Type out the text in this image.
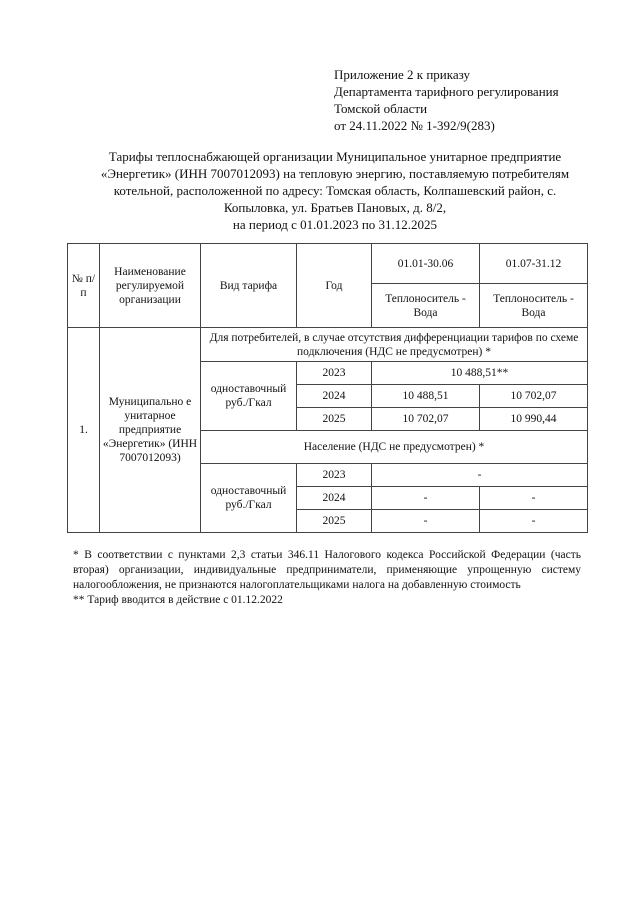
Приложение 2 к приказу
Департамента тарифного регулирования
Томской области
от 24.11.2022 № 1-392/9(283)
Тарифы теплоснабжающей организации Муниципальное унитарное предприятие
«Энергетик» (ИНН 7007012093) на тепловую энергию, поставляемую потребителям
котельной, расположенной по адресу: Томская область, Колпашевский район, с.
Копыловка, ул. Братьев Пановых, д. 8/2,
на период с 01.01.2023 по 31.12.2025
№ п/п	Наименование регулируемой организации	Вид тарифа	Год	01.01-30.06	01.07-31.12
				Теплоноситель - Вода	Теплоноситель - Вода
1.	Муниципально е унитарное предприятие «Энергетик» (ИНН 7007012093)	Для потребителей, в случае отсутствия дифференциации тарифов по схеме подключения (НДС не предусмотрен) *			
		одноставочный руб./Гкал	2023	10 488,51**	
			2024	10 488,51	10 702,07
			2025	10 702,07	10 990,44
		Население (НДС не предусмотрен) *			
		одноставочный руб./Гкал	2023	-	
			2024	-	-
			2025	-	-
* В соответствии с пунктами 2,3 статьи 346.11 Налогового кодекса Российской Федерации (часть вторая) организации, индивидуальные предприниматели, применяющие упрощенную систему налогообложения, не признаются налогоплательщиками налога на добавленную стоимость
** Тариф вводится в действие с 01.12.2022
